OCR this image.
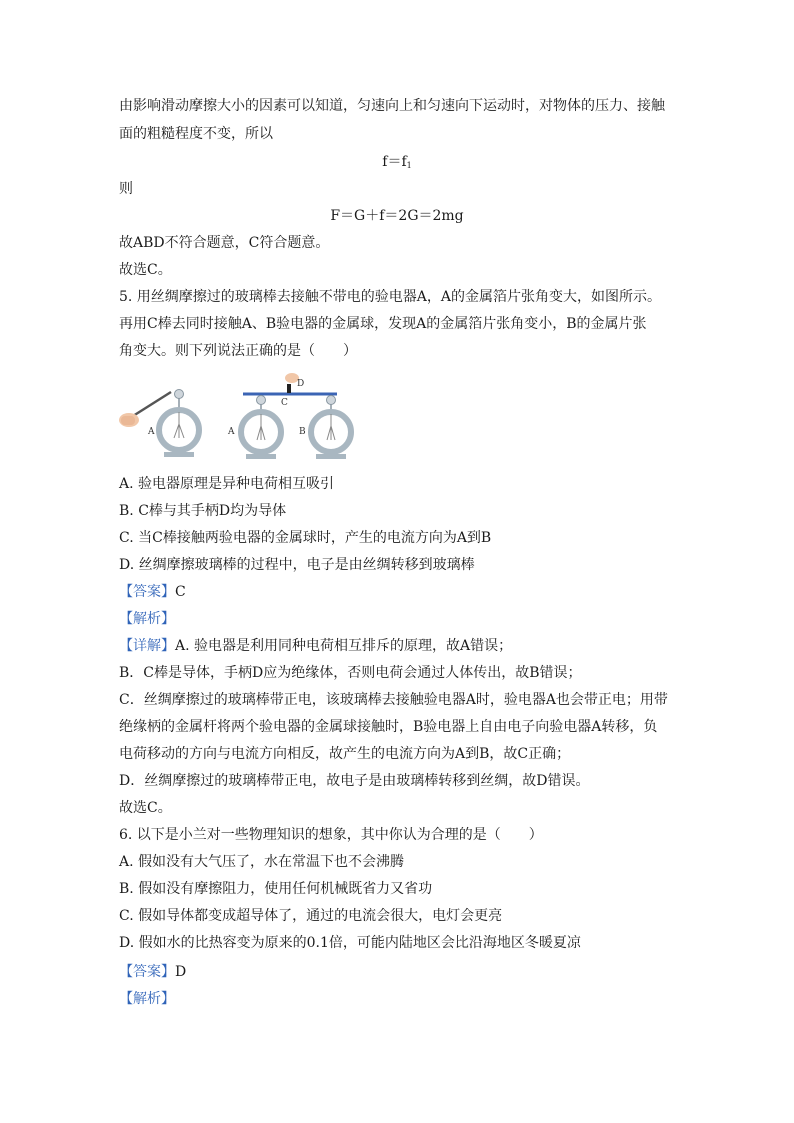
由影响滑动摩擦大小的因素可以知道，匀速向上和匀速向下运动时，对物体的压力、接触
面的粗糙程度不变，所以
$f=f_1$
则
F＝G＋f＝2G＝2mg
故ABD不符合题意，C符合题意。
故选C。
5. 用丝绸摩擦过的玻璃棒去接触不带电的验电器A，A的金属箔片张角变大，如图所示。
再用C棒去同时接触A、B验电器的金属球，发现A的金属箔片张角变小，B的金属片张
角变大。则下列说法正确的是（　　）
A
D
C
A	B
A. 验电器原理是异种电荷相互吸引
B. C棒与其手柄D均为导体
C. 当C棒接触两验电器的金属球时，产生的电流方向为A到B
D. 丝绸摩擦玻璃棒的过程中，电子是由丝绸转移到玻璃棒
【答案】C
【解析】
【详解】A. 验电器是利用同种电荷相互排斥的原理，故A错误；
B．C棒是导体，手柄D应为绝缘体，否则电荷会通过人体传出，故B错误；
C．丝绸摩擦过的玻璃棒带正电，该玻璃棒去接触验电器A时，验电器A也会带正电；用带
绝缘柄的金属杆将两个验电器的金属球接触时，B验电器上自由电子向验电器A转移，负
电荷移动的方向与电流方向相反，故产生的电流方向为A到B，故C正确；
D．丝绸摩擦过的玻璃棒带正电，故电子是由玻璃棒转移到丝绸，故D错误。
故选C。
6. 以下是小兰对一些物理知识的想象，其中你认为合理的是（　　）
A. 假如没有大气压了，水在常温下也不会沸腾
B. 假如没有摩擦阻力，使用任何机械既省力又省功
C. 假如导体都变成超导体了，通过的电流会很大，电灯会更亮
D. 假如水的比热容变为原来的0.1倍，可能内陆地区会比沿海地区冬暖夏凉
【答案】D
【解析】
